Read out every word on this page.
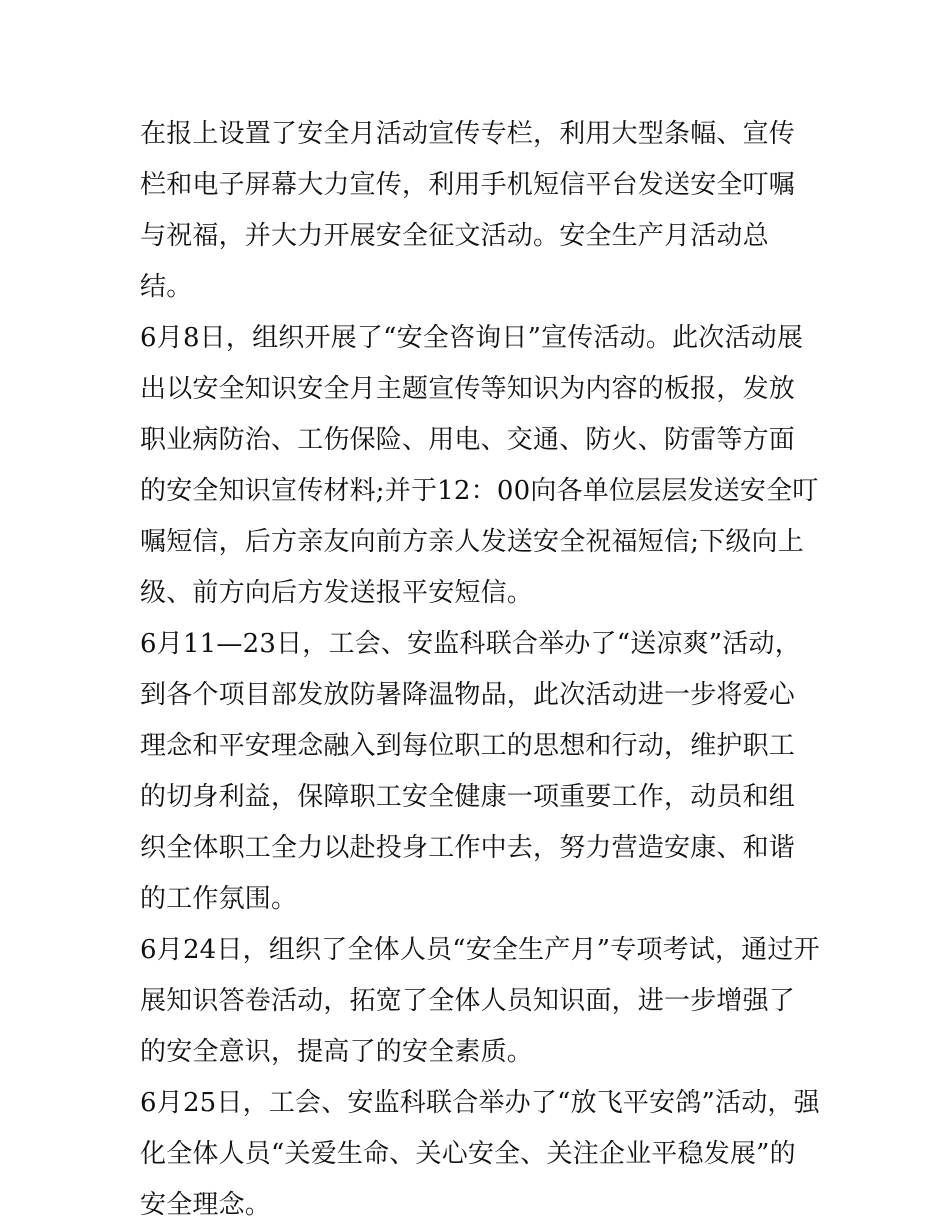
在报上设置了安全月活动宣传专栏，利用大型条幅、宣传栏和电子屏幕大力宣传，利用手机短信平台发送安全叮嘱与祝福，并大力开展安全征文活动。安全生产月活动总结。

6月8日，组织开展了“安全咨询日”宣传活动。此次活动展出以安全知识安全月主题宣传等知识为内容的板报，发放职业病防治、工伤保险、用电、交通、防火、防雷等方面的安全知识宣传材料;并于12：00向各单位层层发送安全叮嘱短信，后方亲友向前方亲人发送安全祝福短信;下级向上级、前方向后方发送报平安短信。

6月11—23日，工会、安监科联合举办了“送凉爽”活动，到各个项目部发放防暑降温物品，此次活动进一步将爱心理念和平安理念融入到每位职工的思想和行动，维护职工的切身利益，保障职工安全健康一项重要工作，动员和组织全体职工全力以赴投身工作中去，努力营造安康、和谐的工作氛围。

6月24日，组织了全体人员“安全生产月”专项考试，通过开展知识答卷活动，拓宽了全体人员知识面，进一步增强了的安全意识，提高了的安全素质。

6月25日，工会、安监科联合举办了“放飞平安鸽”活动，强化全体人员“关爱生命、关心安全、关注企业平稳发展”的安全理念。
